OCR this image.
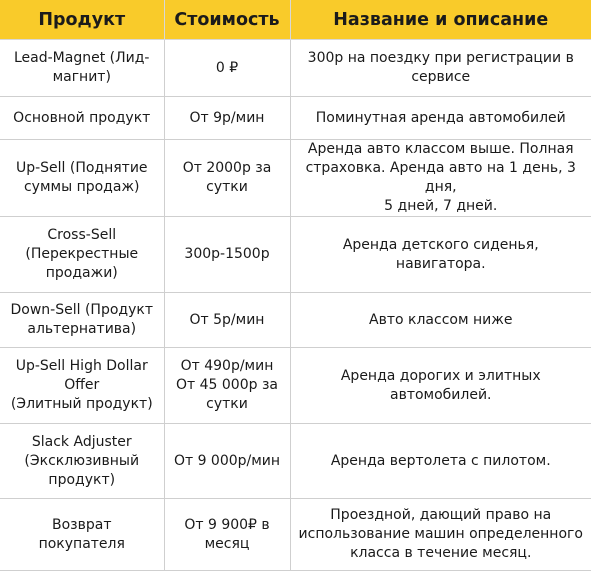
Продукт	Стоимость	Название и описание
Lead-Magnet (Лид-
магнит)	0 ₽	300р на поездку при регистрации в
сервисе
Основной продукт	От 9р/мин	Поминутная аренда автомобилей
Up-Sell (Поднятие
суммы продаж)	От 2000р за
сутки	Аренда авто классом выше. Полная
страховка. Аренда авто на 1 день, 3 дня,
5 дней, 7 дней.
Cross-Sell
(Перекрестные
продажи)	300р-1500р	Аренда детского сиденья, навигатора.
Down-Sell (Продукт
альтернатива)	От 5р/мин	Авто классом ниже
Up-Sell High Dollar
Offer
(Элитный продукт)	От 490р/мин
От 45 000р за
сутки	Аренда дорогих и элитных автомобилей.
Slack Adjuster
(Эксклюзивный
продукт)	От 9 000р/мин	Аренда вертолета с пилотом.
Возврат
покупателя	От 9 900₽ в
месяц	Проездной, дающий право на
использование машин определенного
класса в течение месяц.
